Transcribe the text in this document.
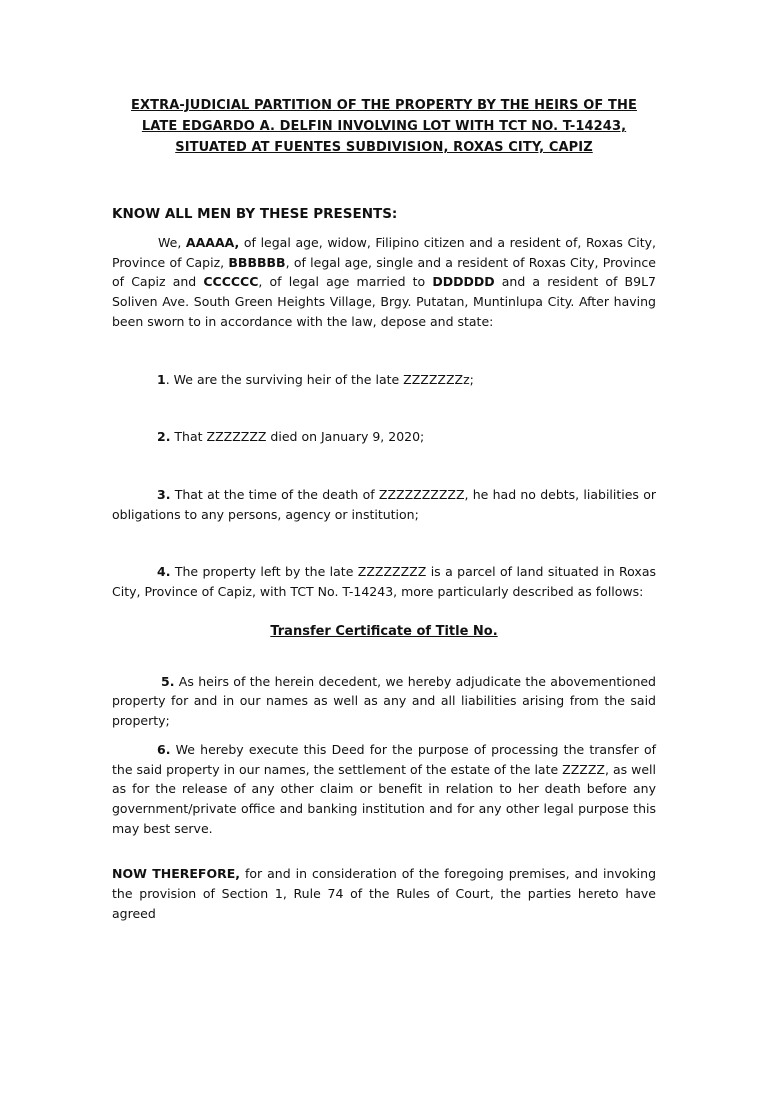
EXTRA-JUDICIAL PARTITION OF THE PROPERTY BY THE HEIRS OF THE LATE EDGARDO A. DELFIN INVOLVING LOT WITH TCT NO. T-14243, SITUATED AT FUENTES SUBDIVISION, ROXAS CITY, CAPIZ

KNOW ALL MEN BY THESE PRESENTS:

We, AAAAA, of legal age, widow, Filipino citizen and a resident of, Roxas City, Province of Capiz, BBBBBB, of legal age, single and a resident of Roxas City, Province of Capiz and CCCCCC, of legal age married to DDDDDD and a resident of B9L7 Soliven Ave. South Green Heights Village, Brgy. Putatan, Muntinlupa City. After having been sworn to in accordance with the law, depose and state:

1. We are the surviving heir of the late ZZZZZZZz;

2. That ZZZZZZZ died on January 9, 2020;

3. That at the time of the death of ZZZZZZZZZZ, he had no debts, liabilities or obligations to any persons, agency or institution;

4. The property left by the late ZZZZZZZZ is a parcel of land situated in Roxas City, Province of Capiz, with TCT No. T-14243, more particularly described as follows:

Transfer Certificate of Title No.

5. As heirs of the herein decedent, we hereby adjudicate the abovementioned property for and in our names as well as any and all liabilities arising from the said property;

6. We hereby execute this Deed for the purpose of processing the transfer of the said property in our names, the settlement of the estate of the late ZZZZZ, as well as for the release of any other claim or benefit in relation to her death before any government/private office and banking institution and for any other legal purpose this may best serve.

NOW THEREFORE, for and in consideration of the foregoing premises, and invoking the provision of Section 1, Rule 74 of the Rules of Court, the parties hereto have agreed
